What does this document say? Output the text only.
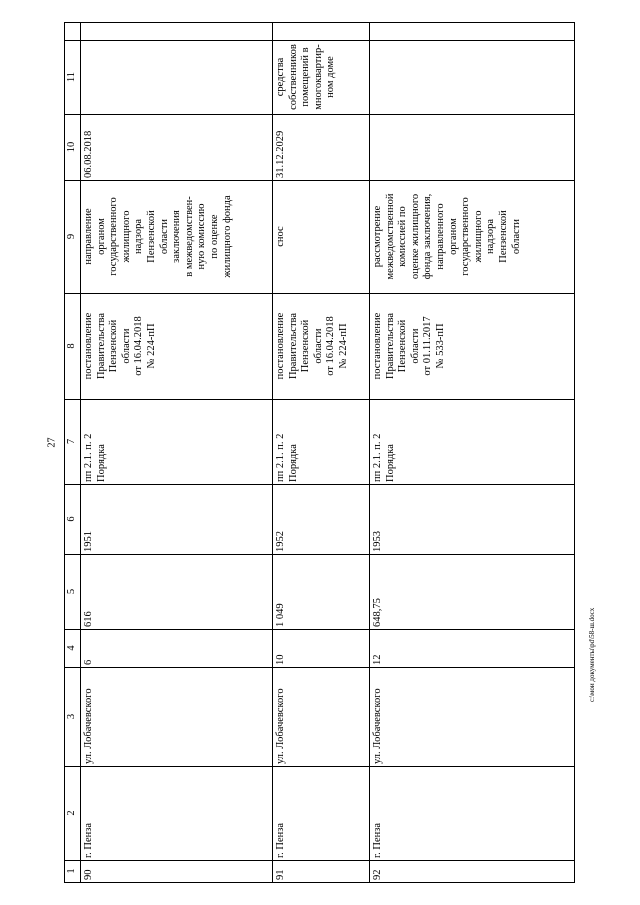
27
1
2
3
4
5
6
7
8
9
10
11
90
г. Пенза
ул. Лобачевского
6
616
1951
пп 2.1. п. 2 Порядка
постановление Правительства Пензенской области от 16.04.2018 № 224-пП
направление органом государственного жилищного надзора Пензенской области заключения в межведомствен- ную комиссию по оценке жилищного фонда
06.08.2018
91
г. Пенза
ул. Лобачевского
10
1 049
1952
пп 2.1. п. 2 Порядка
постановление Правительства Пензенской области от 16.04.2018 № 224-пП
снос
31.12.2029
средства собственников помещений в многоквартир- ном доме
92
г. Пенза
ул. Лобачевского
12
648,75
1953
пп 2.1. п. 2 Порядка
постановление Правительства Пензенской области от 01.11.2017 № 533-пП
рассмотрение межведомственной комиссией по оценке жилищного фонда заключения, направленного органом государственного жилищного надзора Пензенской области
c:\мои документы\pd\58-ш.docx
